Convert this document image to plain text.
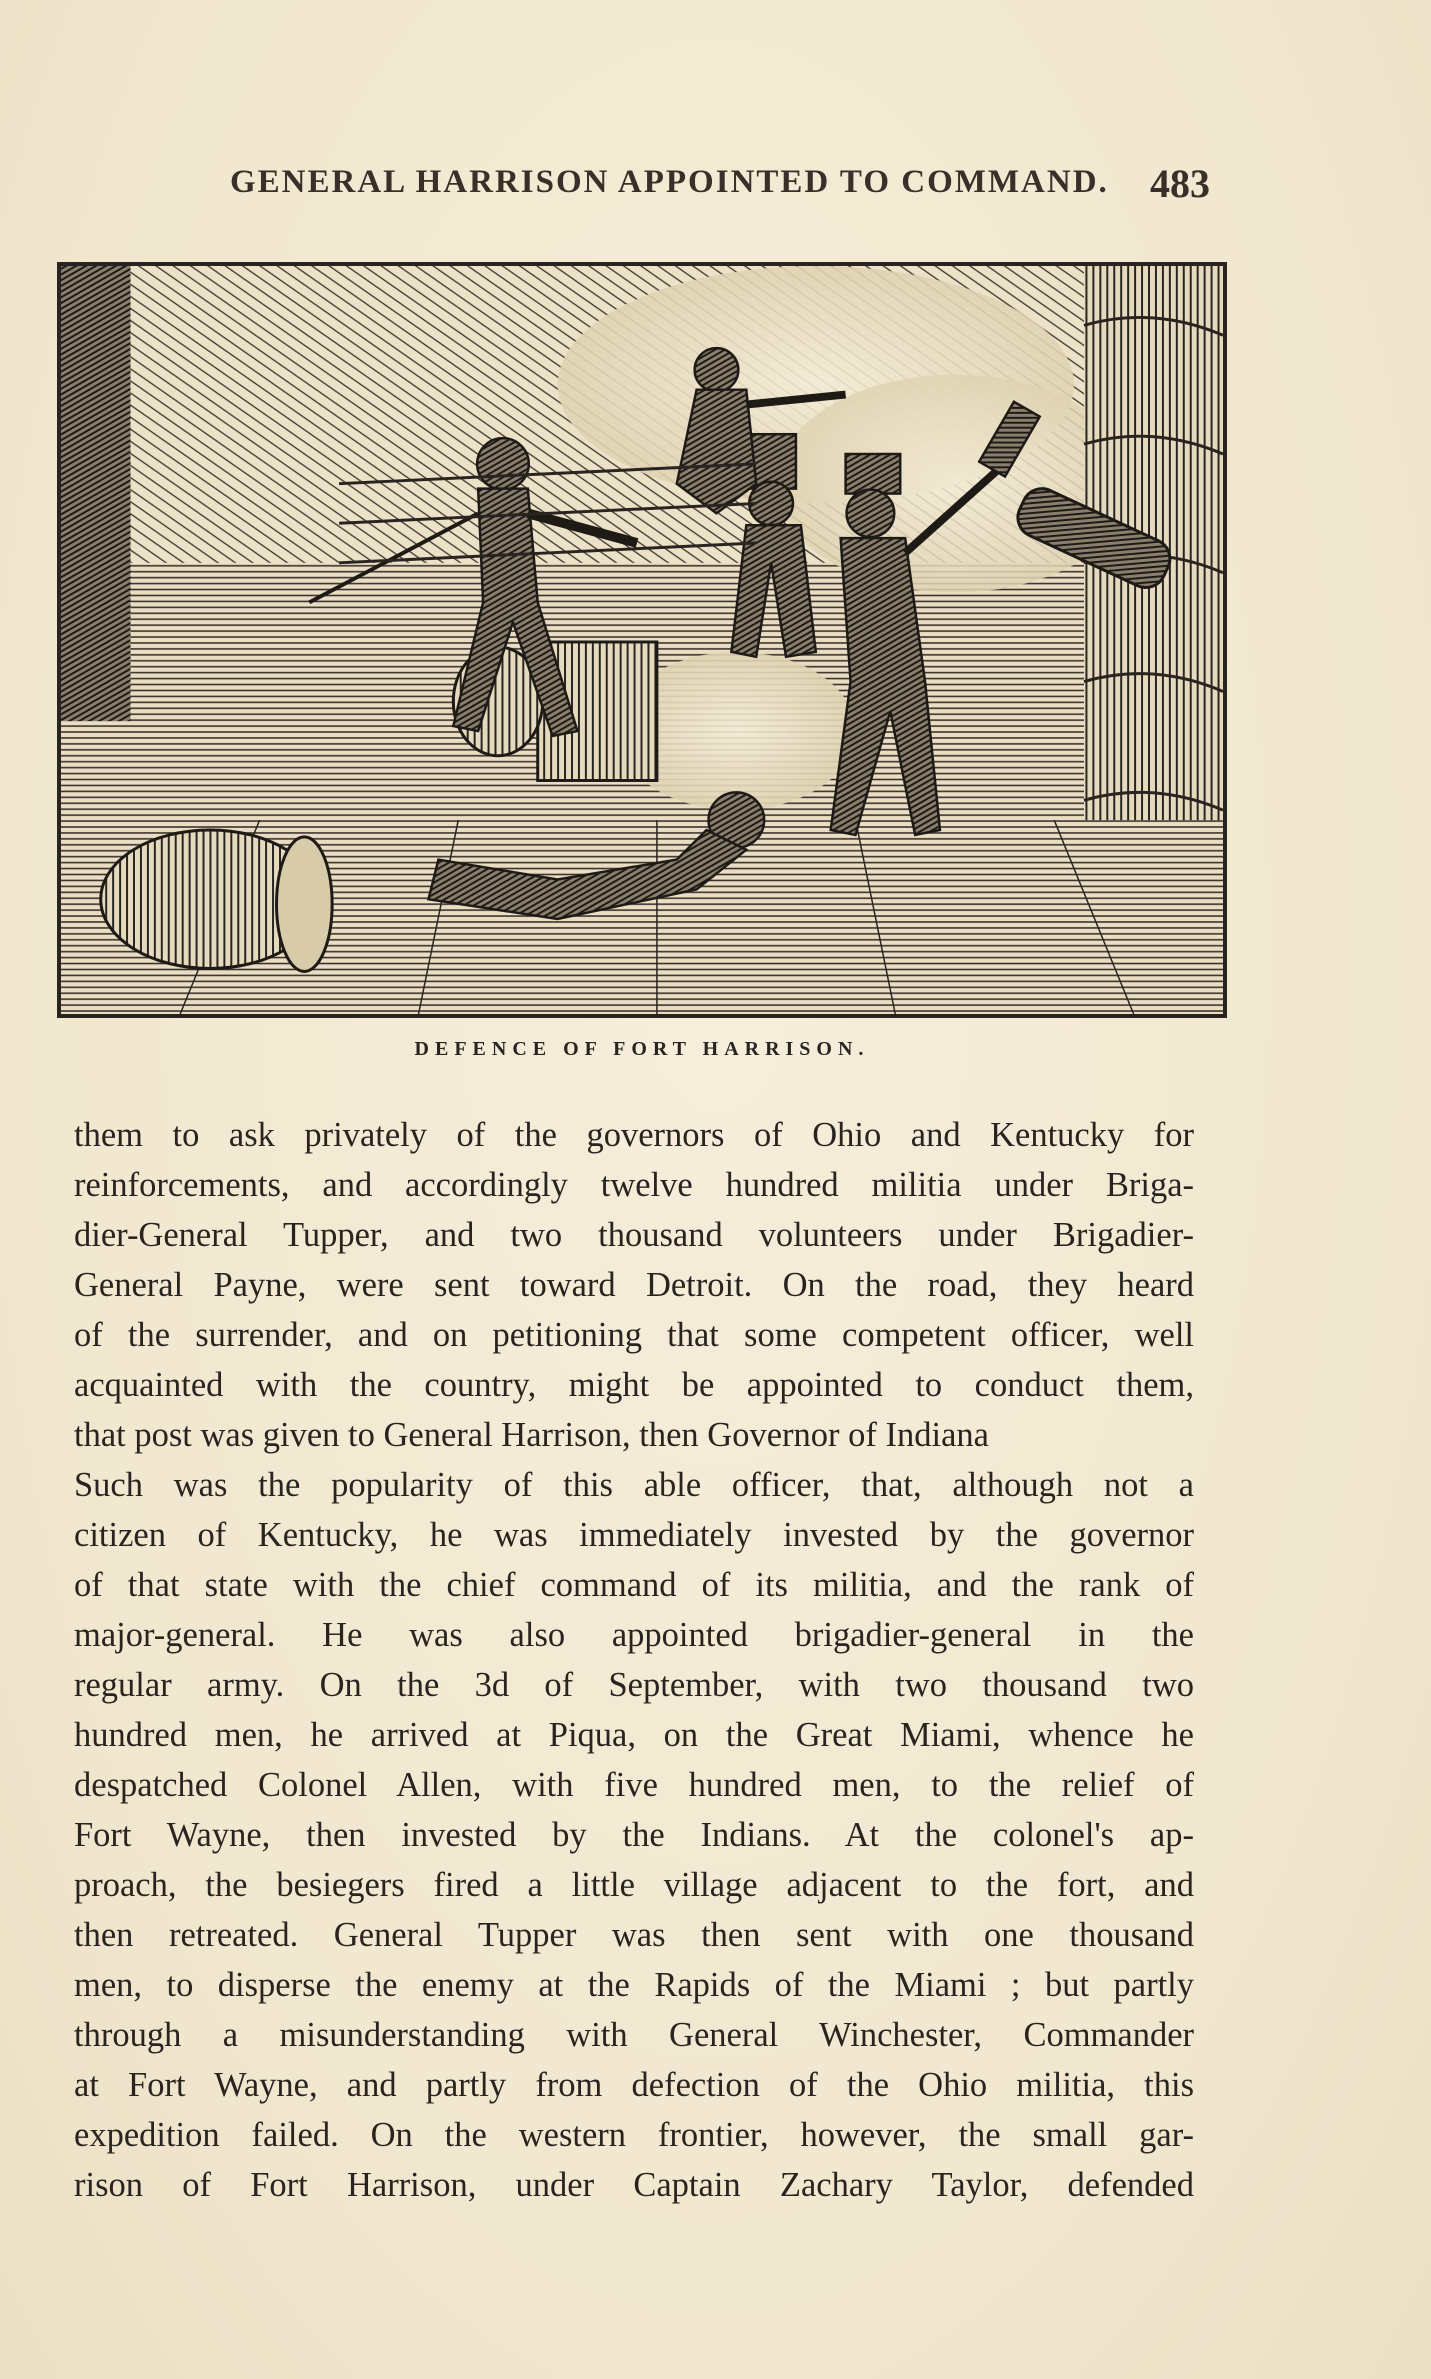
GENERAL HARRISON APPOINTED TO COMMAND. 483
DEFENCE OF FORT HARRISON.
them to ask privately of the governors of Ohio and Kentucky for
reinforcements, and accordingly twelve hundred militia under Briga-
dier-General Tupper, and two thousand volunteers under Brigadier-
General Payne, were sent toward Detroit. On the road, they heard
of the surrender, and on petitioning that some competent officer, well
acquainted with the country, might be appointed to conduct them,
that post was given to General Harrison, then Governor of Indiana
Such was the popularity of this able officer, that, although not a
citizen of Kentucky, he was immediately invested by the governor
of that state with the chief command of its militia, and the rank of
major-general. He was also appointed brigadier-general in the
regular army. On the 3d of September, with two thousand two
hundred men, he arrived at Piqua, on the Great Miami, whence he
despatched Colonel Allen, with five hundred men, to the relief of
Fort Wayne, then invested by the Indians. At the colonel's ap-
proach, the besiegers fired a little village adjacent to the fort, and
then retreated. General Tupper was then sent with one thousand
men, to disperse the enemy at the Rapids of the Miami ; but partly
through a misunderstanding with General Winchester, Commander
at Fort Wayne, and partly from defection of the Ohio militia, this
expedition failed. On the western frontier, however, the small gar-
rison of Fort Harrison, under Captain Zachary Taylor, defended
